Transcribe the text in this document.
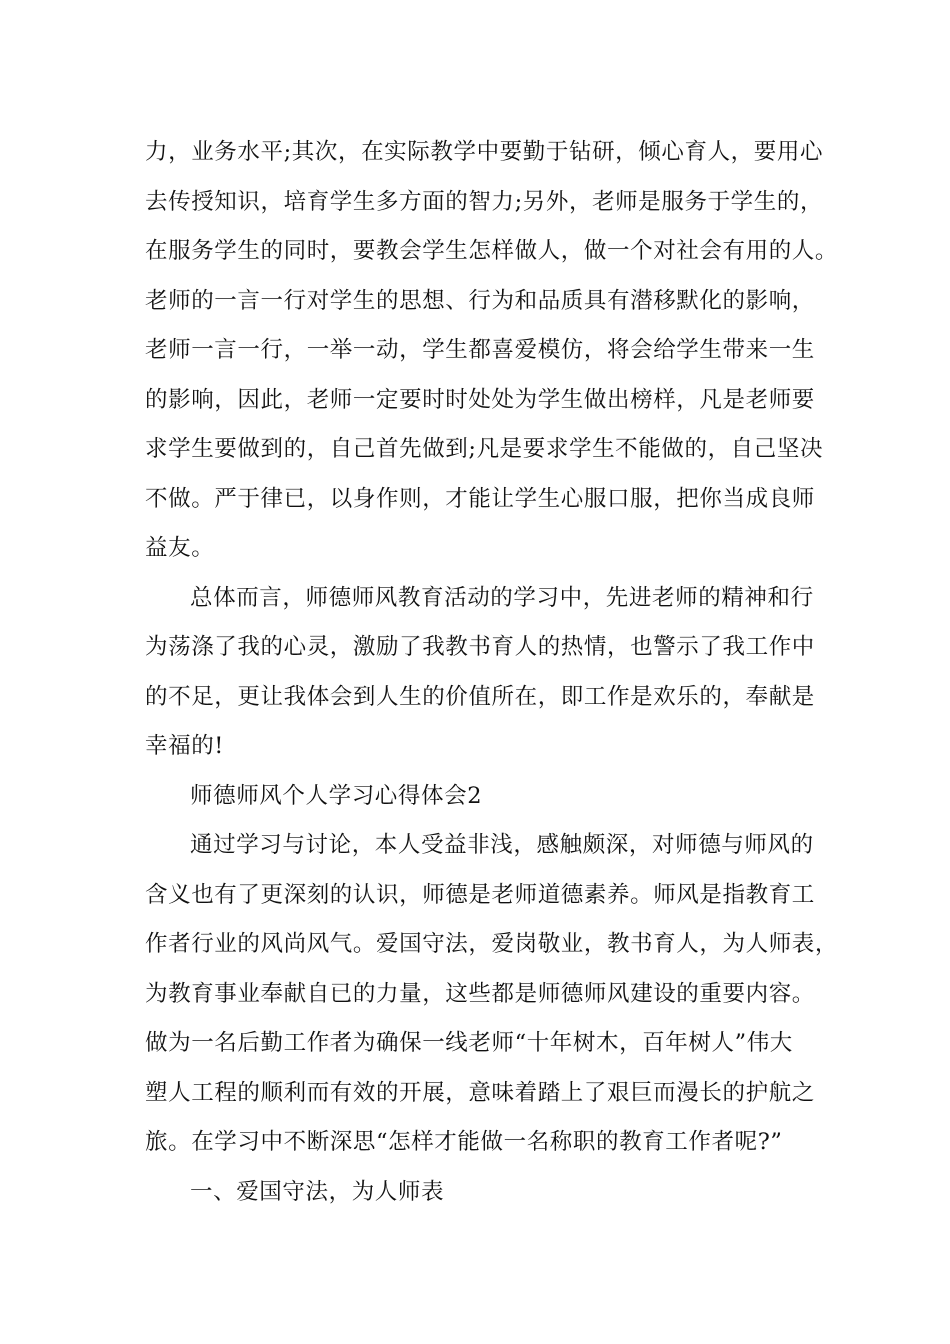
力，业务水平;其次，在实际教学中要勤于钻研，倾心育人，要用心
去传授知识，培育学生多方面的智力;另外，老师是服务于学生的，
在服务学生的同时，要教会学生怎样做人，做一个对社会有用的人。
老师的一言一行对学生的思想、行为和品质具有潜移默化的影响，
老师一言一行，一举一动，学生都喜爱模仿，将会给学生带来一生
的影响，因此，老师一定要时时处处为学生做出榜样，凡是老师要
求学生要做到的，自己首先做到;凡是要求学生不能做的，自己坚决
不做。严于律已，以身作则，才能让学生心服口服，把你当成良师
益友。
总体而言，师德师风教育活动的学习中，先进老师的精神和行
为荡涤了我的心灵，激励了我教书育人的热情，也警示了我工作中
的不足，更让我体会到人生的价值所在，即工作是欢乐的，奉献是
幸福的!
师德师风个人学习心得体会2
通过学习与讨论，本人受益非浅，感触颇深，对师德与师风的
含义也有了更深刻的认识，师德是老师道德素养。师风是指教育工
作者行业的风尚风气。爱国守法，爱岗敬业，教书育人，为人师表，
为教育事业奉献自已的力量，这些都是师德师风建设的重要内容。
做为一名后勤工作者为确保一线老师“十年树木，百年树人”伟大
塑人工程的顺利而有效的开展，意味着踏上了艰巨而漫长的护航之
旅。在学习中不断深思“怎样才能做一名称职的教育工作者呢?”
一、爱国守法，为人师表
